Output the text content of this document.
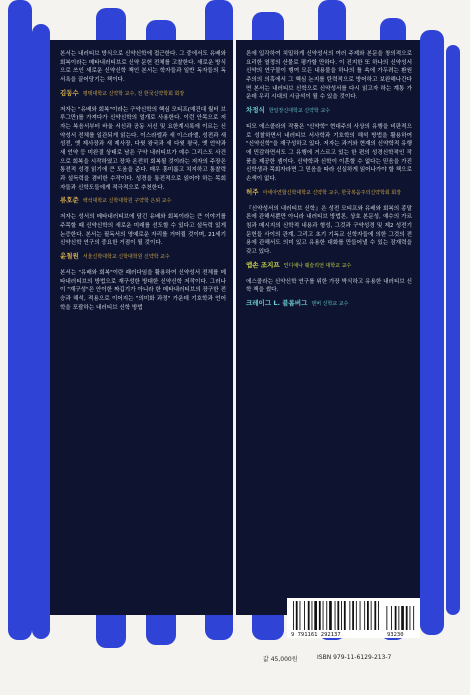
본서는 내러티브 방식으로 신약신학에 접근한다. 그 중에서도 유배와 회복이라는 메타내러티브로 신약 문헌 전체를 고찰한다. 새로운 방식으로 쓰인 새로운 신약신학 책인 본서는 학자들과 일반 독자들의 독서욕을 끌어당기는 책이다.

김동수 평택대학교 신약학 교수, 전 한국신약학회 회장

저자는 "유배와 회복"이라는 구약신학의 핵심 모티프(예건대 월터 브루그만)를 가져다가 신약신학의 얼개로 사용한다. 이런 안목으로 저자는 복음서부터 바울 서신과 공동 서신 및 요한계시록에 이르는 신약성서 전체를 일관되게 읽는다. 이스라엘과 새 이스라엘, 성전과 새 성전, 옛 제사장과 새 제사장, 다윗 왕국과 새 다윗 왕국, 옛 언약과 새 언약 등 미완결 상태로 남은 구약 내러티브가 예수 그리스도 사건으로 회복을 시작하였고 장차 온전히 회복될 것이라는 저자의 주장은 통전적 성경 읽기에 큰 도움을 준다. 매우 흥미롭고 치지하고 통찰력과 설득력을 겸비한 수작이다. 성경을 통전적으로 읽어야 하는 목회자들과 신학도들에게 적극적으로 추천한다.

류호준 백석대학교 신학대학원 구약학 은퇴 교수

저자는 성서의 메타내러티브에 담긴 유배와 회복이라는 큰 이야기를 주목할 때 신약신학의 새로운 미래를 선도할 수 있다고 설득력 있게 논증한다. 본서는 필독서의 영예로운 자리를 거머쥘 것이며, 21세기 신약신학 연구의 중요한 거점이 될 것이다.

윤철원 서울신학대학교 신학대학원 신약학 교수

본서는 "유배와 회복"이란 패러다임을 활용하여 신약성서 전체를 메타내러티브의 방법으로 재구성한 방대한 신약신학 저작이다. 그러나 이 "재구성"은 안이한 짜깁기가 아니라 한 메타내러티브의 장구한 전승과 해석, 적용으로 이어지는 "의미화 과정" 가운데 기호학과 언어학을 포괄하는 내러티브 신학 방법

론에 입각하여 치밀하게 신약성서의 여러 주제와 본문을 창의적으로 요리한 열정의 산물로 평가할 만하다. 이 진지한 또 하나의 신약성서 신약의 연구물이 행여 모든 내용물을 하나의 틀 속에 가두려는 환원주의의 의혹에서 그 핵심 논지를 탄력적으로 방어하고 보완해나간다면 본서는 내러티브 신학으로 신약성서를 다시 읽고자 하는 계통 가운데 우리 시대의 시금석이 될 수 있을 것이다.

차정식 한일장신대학교 신약학 교수

티모 에스콜라의 작품은 "신약학" 현대주의 사상의 유행을 비판적으로 성찰하면서 내러티브 서사학과 기호학의 해석 방법을 활용하여 "신약신학"을 재구성하고 있다. 저자는 과거와 현재의 신약학적 유행에 민감하면서도 그 유행에 거스르고 있는 한 편의 성경신학적인 작품을 제공한 셈이다. 신약학과 신학이 이혼할 수 없다는 믿음을 가진 신학생과 목회자라면 그 믿음을 따라 신실하게 읽어나가야 할 책으로 손색이 없다.

허주 아세아연합신학대학교 신약학 교수, 한국복음주의신약학회 회장

『신약성서의 내러티브 신학』은 성전 모티프와 유배와 회복의 종말론에 관해서뿐만 아니라 내러티브 방법론, 상호 본문성, 예수의 가르침과 메시지의 신학적 내용과 형성, 그것과 구약성경 및 제2 성전기 문헌들 사이의 관계, 그리고 초기 기독교 신학자들에 의한 그것의 전용에 관해서도 의미 있고 유용한 대화를 만들어낼 수 있는 잠재력을 갖고 있다.

앱손 조지프 인디애나 웨슬리언 대학교 교수

에스콜라는 신약신학 연구를 위한 가장 박식하고 유용한 내러티브 신학 책을 썼다.

크레이그 L. 블롬버그 덴버 신학교 교수
9 791161 292137	93230
값 45,000원	ISBN 979-11-6129-213-7
